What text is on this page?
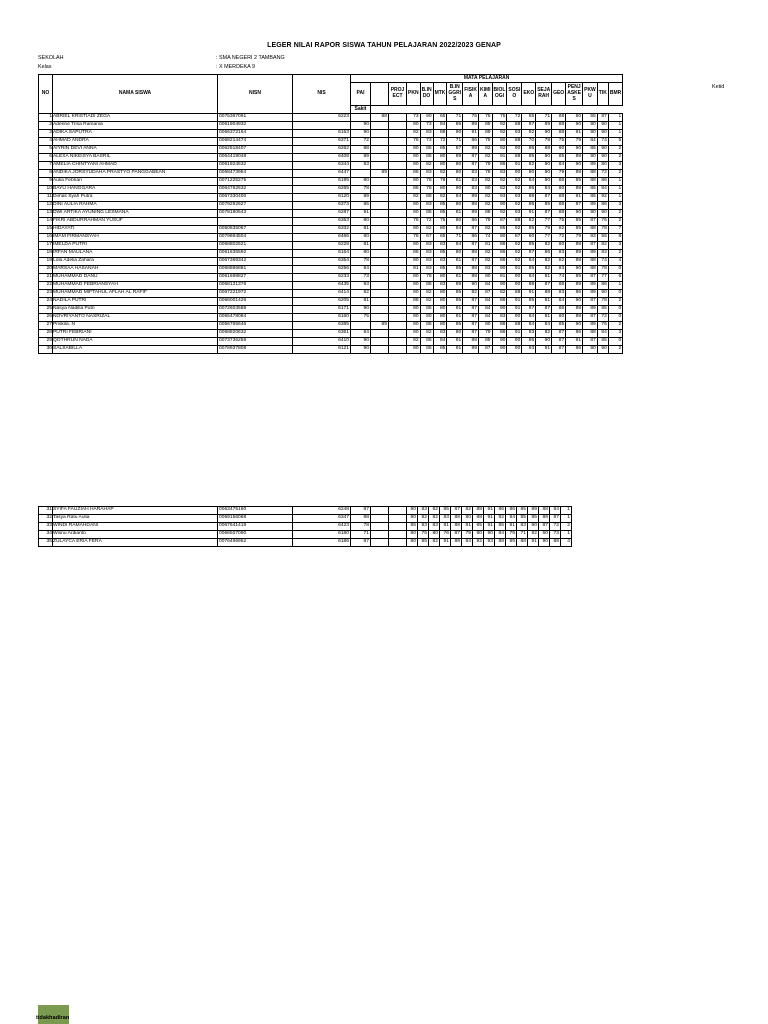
LEGER NILAI RAPOR SISWA TAHUN PELAJARAN 2022/2023 GENAP
SEKOLAH	: SMA NEGERI 2 TAMBANG
Kelas	: X MERDEKA 9
Ketid
NO	NAMA SISWA	NISN	NIS	MATA PELAJARAN																		
				PAI		PROJ ECT	PKN	B.IN DO	MTK	B.IN GGRI S	FISIK A	KIMI A	BIOL OGI	SOSI O	EKO	SEJA RAH	GEO	PENJ ASKE S	PKW U	TIK	BMR	
				Sakit																		
1	ABRIEL KRISTIADI ZEGA	0075367091	6223		88		73	90	65	71	75	75	75	72	65	71	88	60	55	87	1	
2	Aderine Trisa Ramania	0061904932		90			90	73	84	86	89	85	92	88	87	89	88	90	90	90	1	
3	ADIKA SAPUTRA	0066372164	6153	90			92	83	88	90	91	89	92	93	92	90	88	91	90	90	1	
4	AHMAD ANDRA	0068214474	6371	72			75	73	72	71	86	75	80	88	70	78	75	79	84	74	5	
5	AIYRIN DEVI ANNA	0062518407	6262	88			90	85	85	87	89	82	92	90	86	88	90	90	86	90	2	
6	ALEXA NIKEISYA BASRIL	0064419048	6408	89			90	85	80	89	87	82	91	88	85	80	85	88	90	90	2	
7	AMELIA CHINTYANI AHMAD	0061924532	6344	83			90	82	80	80	87	79	86	91	82	80	84	90	89	80	3	
8	ANDIKA JORSYUDAHA PRASTYO PANGGABEAN	0068473954	6447		89		85	83	82	80	83	78	83	90	80	80	79	88	88	72	2	
9	Aulia Febrian	0071225275	6195	80			90	78	78	81	83	82	92	92	84	80	86	85	88	86	1	
10	BAYU HANGGARA	0064762532	6265	78			85	78	80	90	83	80	82	92	86	84	80	88	86	84	1	
11	Dimas Syah Putra	0067330400	6120	89			92	88	82	84	89	82	93	93	88	87	88	91	86	92	1	
12	DINI AULIA RAHMA	0079292627	6373	85			90	83	85	80	88	82	90	92	86	85	86	87	89	86	3	
13	DWI ARTIKA AYUNING LESMANA	0078180543	6287	91			90	85	85	81	89	88	92	93	91	87	88	90	90	90	2	
14	FIKRI ABDURRAHMAN YUSUF		6353	80			75	72	75	80	86	79	87	88	82	77	75	85	87	76	2	
15	HIDAYATI	0050835067	6332	81			90	82	80	84	87	82	85	92	85	79	82	85	88	78	7	
16	IMAM FIRMANSYAH	0079864504	6466	60			75	67	65	71	86	74	80	87	60	77	72	79	83	55	8	
17	IMELDA PUTRI	0068802521	6228	81			90	83	83	84	87	81	88	92	85	82	80	88	87	82	3	
18	IRFAN MAULANA	0061635592	6164	80			85	83	85	80	88	82	86	92	87	86	83	89	89	83	2	
19	Lola Adelia Zahara	0067369342	6354	78			90	83	83	81	87	82	88	92	84	82	82	88	88	74	4	
20	MARSAA HASANAH	0068886881	6256	84			91	83	85	85	88	83	90	91	85	82	83	90	88	78	0	
21	MUHAMMAD DANU	0061698827	6233	73			80	78	80	81	88	80	81	90	84	81	74	85	87	77	6	
22	MUHAMMAD FEBRIANSYAH	0068131376	6435	93			90	85	83	89	90	84	90	90	88	87	86	89	89	86	1	
23	MUHAMMAD MIFTAHUL AFLAH AL RAFIF	0067221972	6414	82			90	82	80	85	82	87	82	88	91	88	83	86	89	90	0	
24	NADILA PUTRI	0066001426	6205	81			88	82	80	85	87	84	88	91	85	81	84	90	87	78	2	
25	Nasya Nadilla Putri	0072603588	6171	90			90	85	80	91	87	84	90	91	87	87	86	88	89	85	0	
26	NOVRIYANTO NASRIZAL	0065478084	6160	75			90	80	80	91	87	84	83	90	84	81	80	88	87	72	0	
27	Priskila. N	0056765646	6385		89		90	85	80	85	87	80	88	88	84	84	85	90	89	76	2	
28	PUTRI FEBRIANI	0068820632	6361	84			90	82	83	80	87	79	88	91	83	82	87	86	88	84	3	
29	QOTHRUN NADA	0073736258	6410	90			92	85	84	91	88	85	90	90	86	90	87	91	87	85	0	
30	SALSABILLA	0078937808	6121	90			90	85	85	91	89	87	90	90	93	91	87	86	90	90	2	
31	SYIFA FAUZIAH HARAHAP	0063475160	6248	87			90	83	82	85	87	82	88	91	86	86	85	89	88	84	1
32	Tasya Ratu Aulia	0069156068	6347	88			90	82	82	83	88	80	88	91	82	84	85	85	89	87	1
33	WINDI RAMAHDANI	0067641419	6423	78			85	83	83	81	88	81	85	91	85	81	83	90	87	72	2
34	Wisnu Ardianto	0066507090	6180	71			80	75	80	76	87	79	80	90	84	79	71	82	60	73	1
35	ZULAYCA ERIA FERA	0076496952	6186	87			80	85	82	91	89	84	92	93	88	89	88	91	90	88	4
tidakhadiran
